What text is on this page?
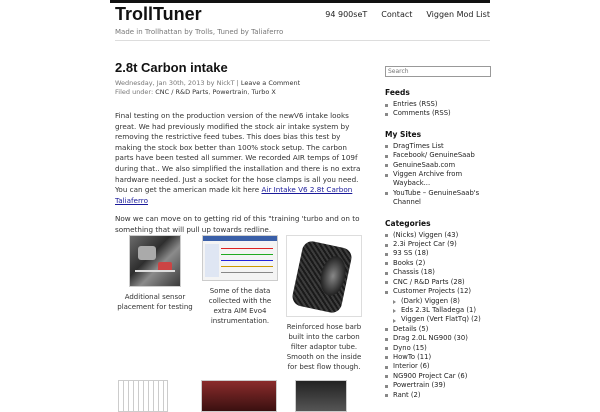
TrollTuner
Made in Trollhattan by Trolls, Tuned by Taliaferro
94 900seT Contact Viggen Mod List
2.8t Carbon intake
Wednesday, Jan 30th, 2013 by NickT | Leave a Comment
Filed under: CNC / R&D Parts, Powertrain, Turbo X

Final testing on the production version of the newV6 intake looks great. We had previously modified the stock air intake system by removing the restrictive feed tubes. This does bias this test by making the stock box better than 100% stock setup. The carbon parts have been tested all summer. We recorded AIR temps of 109f during that.. We also simplified the installation and there is no extra hardware needed. Just a socket for the hose clamps is all you need. You can get the american made kit here Air Intake V6 2.8t Carbon Taliaferro

Now we can move on to getting rid of this "training 'turbo and on to something that will pull up towards redline.

Additional sensor placement for testing
Some of the data collected with the extra AIM Evo4 instrumentation.
Reinforced hose barb built into the carbon filter adaptor tube. Smooth on the inside for best flow though.
Search
Feeds
Entries (RSS)
Comments (RSS)
My Sites
DragTimes List
Facebook/ GenuineSaab
GenuineSaab.com
Viggen Archive from Wayback...
YouTube – GenuineSaab's Channel
Categories
(Nicks) Viggen (43)
2.3i Project Car (9)
93 SS (18)
Books (2)
Chassis (18)
CNC / R&D Parts (28)
Customer Projects (12)
(Dark) Viggen (8)
Eds 2.3L Talladega (1)
Viggen (Vert FlatTq) (2)
Details (5)
Drag 2.0L NG900 (30)
Dyno (15)
HowTo (11)
Interior (6)
NG900 Project Car (6)
Powertrain (39)
Rant (2)
